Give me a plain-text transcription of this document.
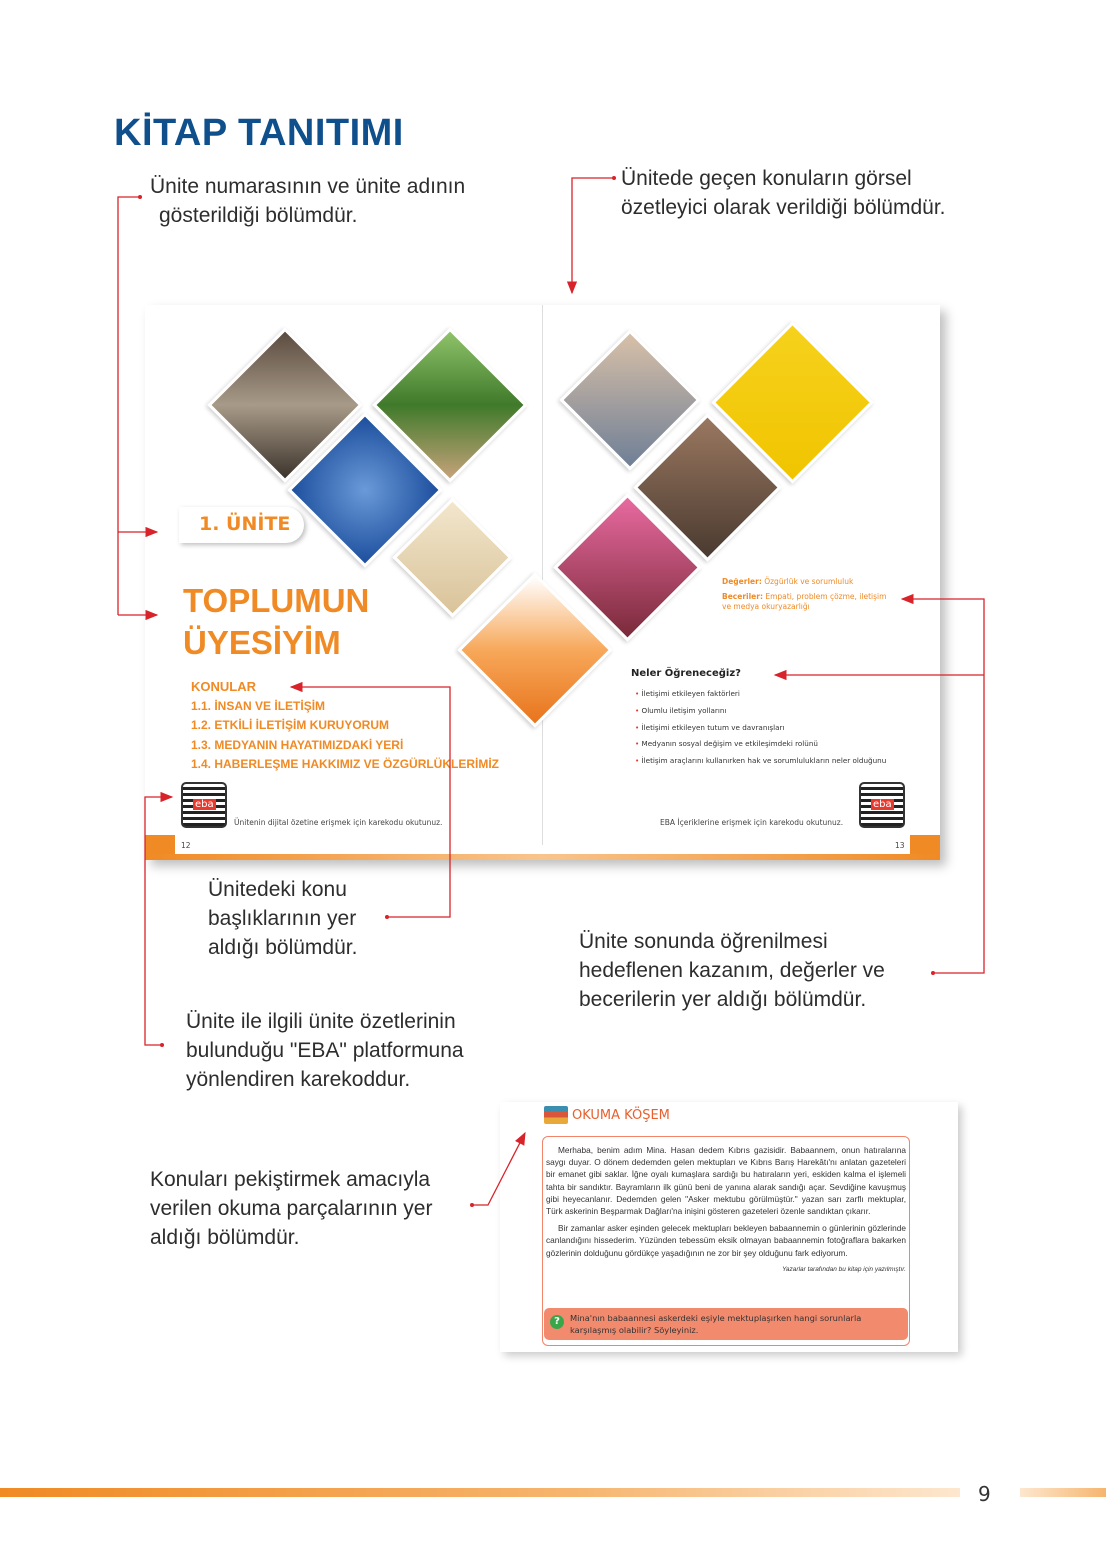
KİTAP TANITIMI
Ünite numarasının ve ünite adının
gösterildiği bölümdür.
Ünitede geçen konuların görsel
özetleyici olarak verildiği bölümdür.
1. ÜNİTE
TOPLUMUN
ÜYESİYİM
KONULAR
1.1. İNSAN VE İLETİŞİM
1.2. ETKİLİ İLETİŞİM KURUYORUM
1.3. MEDYANIN HAYATIMIZDAKİ YERİ
1.4. HABERLEŞME HAKKIMIZ VE ÖZGÜRLÜKLERİMİZ
eba
Ünitenin dijital özetine erişmek için karekodu okutunuz.
12
Değerler: Özgürlük ve sorumluluk
Beceriler: Empati, problem çözme, iletişim ve medya okuryazarlığı
Neler Öğreneceğiz?
• İletişimi etkileyen faktörleri
• Olumlu iletişim yollarını
• İletişimi etkileyen tutum ve davranışları
• Medyanın sosyal değişim ve etkileşimdeki rolünü
• İletişim araçlarını kullanırken hak ve sorumlulukların neler olduğunu
eba
EBA İçeriklerine erişmek için karekodu okutunuz.
13
Ünitedeki konu
başlıklarının yer
aldığı bölümdür.	Ünite sonunda öğrenilmesi
hedeflenen kazanım, değerler ve
becerilerin yer aldığı bölümdür.
Ünite ile ilgili ünite özetlerinin
bulunduğu "EBA" platformuna
yönlendiren karekoddur.
Konuları pekiştirmek amacıyla
verilen okuma parçalarının yer
aldığı bölümdür.
OKUMA KÖŞEM

Merhaba, benim adım Mina. Hasan dedem Kıbrıs gazisidir. Babaannem, onun hatıralarına saygı duyar. O dönem dedemden gelen mektupları ve Kıbrıs Barış Harekâtı'nı anlatan gazeteleri bir emanet gibi saklar. İğne oyalı kumaşlara sardığı bu hatıraların yeri, eskiden kalma el işlemeli tahta bir sandıktır. Bayramların ilk günü beni de yanına alarak sandığı açar. Sevdiğine kavuşmuş gibi heyecanlanır. Dedemden gelen "Asker mektubu görülmüştür." yazan sarı zarflı mektuplar, Türk askerinin Beşparmak Dağları'na inişini gösteren gazeteleri özenle sandıktan çıkarır.

Bir zamanlar asker eşinden gelecek mektupları bekleyen babaannemin o günlerinin gözlerinde canlandığını hissederim. Yüzünden tebessüm eksik olmayan babaannemin fotoğraflara bakarken gözlerinin dolduğunu gördükçe yaşadığının ne zor bir şey olduğunu fark ediyorum.

Yazarlar tarafından bu kitap için yazılmıştır.
?	Mina'nın babaannesi askerdeki eşiyle mektuplaşırken hangi sorunlarla karşılaşmış olabilir? Söyleyiniz.
9
